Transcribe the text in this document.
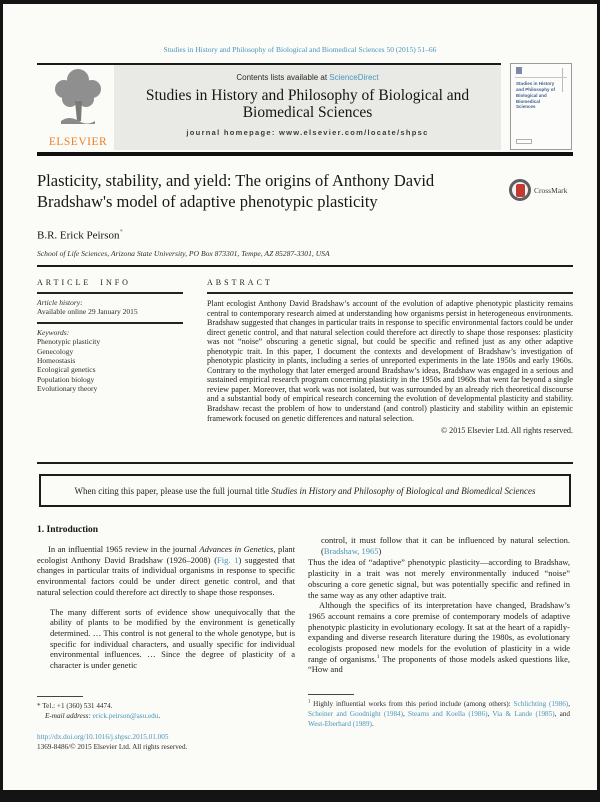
Studies in History and Philosophy of Biological and Biomedical Sciences 50 (2015) 51–66
ELSEVIER
Contents lists available at ScienceDirect
Studies in History and Philosophy of Biological and Biomedical Sciences
journal homepage: www.elsevier.com/locate/shpsc
Studies in History and Philosophy of Biological and Biomedical Sciences
Plasticity, stability, and yield: The origins of Anthony David Bradshaw's model of adaptive phenotypic plasticity
CrossMark
B.R. Erick Peirson*
School of Life Sciences, Arizona State University, PO Box 873301, Tempe, AZ 85287-3301, USA
ARTICLE INFO
Article history:
Available online 29 January 2015
Keywords:
Phenotypic plasticity
Genecology
Homeostasis
Ecological genetics
Population biology
Evolutionary theory
ABSTRACT
Plant ecologist Anthony David Bradshaw’s account of the evolution of adaptive phenotypic plasticity remains central to contemporary research aimed at understanding how organisms persist in heterogeneous environments. Bradshaw suggested that changes in particular traits in response to specific environmental factors could be under direct genetic control, and that natural selection could therefore act directly to shape those responses: plasticity was not “noise” obscuring a genetic signal, but could be specific and refined just as any other adaptive phenotypic trait. In this paper, I document the contexts and development of Bradshaw’s investigation of phenotypic plasticity in plants, including a series of unreported experiments in the late 1950s and early 1960s. Contrary to the mythology that later emerged around Bradshaw’s ideas, Bradshaw was engaged in a serious and sustained empirical research program concerning plasticity in the 1950s and 1960s that went far beyond a single review paper. Moreover, that work was not isolated, but was surrounded by an already rich theoretical discourse and a substantial body of empirical research concerning the evolution of developmental plasticity and stability. Bradshaw recast the problem of how to understand (and control) plasticity and stability within an epistemic framework focused on genetic differences and natural selection.
© 2015 Elsevier Ltd. All rights reserved.
When citing this paper, please use the full journal title Studies in History and Philosophy of Biological and Biomedical Sciences
1. Introduction
In an influential 1965 review in the journal Advances in Genetics, plant ecologist Anthony David Bradshaw (1926–2008) (Fig. 1) suggested that changes in particular traits of individual organisms in response to specific environmental factors could be under direct genetic control, and that natural selection could therefore act directly to shape those responses.
The many different sorts of evidence show unequivocally that the ability of plants to be modified by the environment is genetically determined. … This control is not general to the whole genotype, but is specific for individual characters, and usually specific for individual environmental influences. … Since the degree of plasticity of a character is under genetic
control, it must follow that it can be influenced by natural selection. (Bradshaw, 1965)
Thus the idea of “adaptive” phenotypic plasticity—according to Bradshaw, plasticity in a trait was not merely environmentally induced “noise” obscuring a core genetic signal, but was potentially specific and refined in the same way as any other adaptive trait.
Although the specifics of its interpretation have changed, Bradshaw’s 1965 account remains a core premise of contemporary models of adaptive phenotypic plasticity in evolutionary ecology. It sat at the heart of a rapidly-expanding and diverse research literature during the 1980s, as evolutionary ecologists proposed new models for the evolution of plasticity in a wide range of organisms.$^1$ The proponents of those models asked questions like, “How and
* Tel.: +1 (360) 531 4474.
E-mail address: erick.peirson@asu.edu.
http://dx.doi.org/10.1016/j.shpsc.2015.01.005
1369-8486/© 2015 Elsevier Ltd. All rights reserved.
$^1$ Highly influential works from this period include (among others): Schlichting (1986), Scheiner and Goodnight (1984), Stearns and Koella (1986), Via & Lande (1985), and West-Eberhard (1989).
